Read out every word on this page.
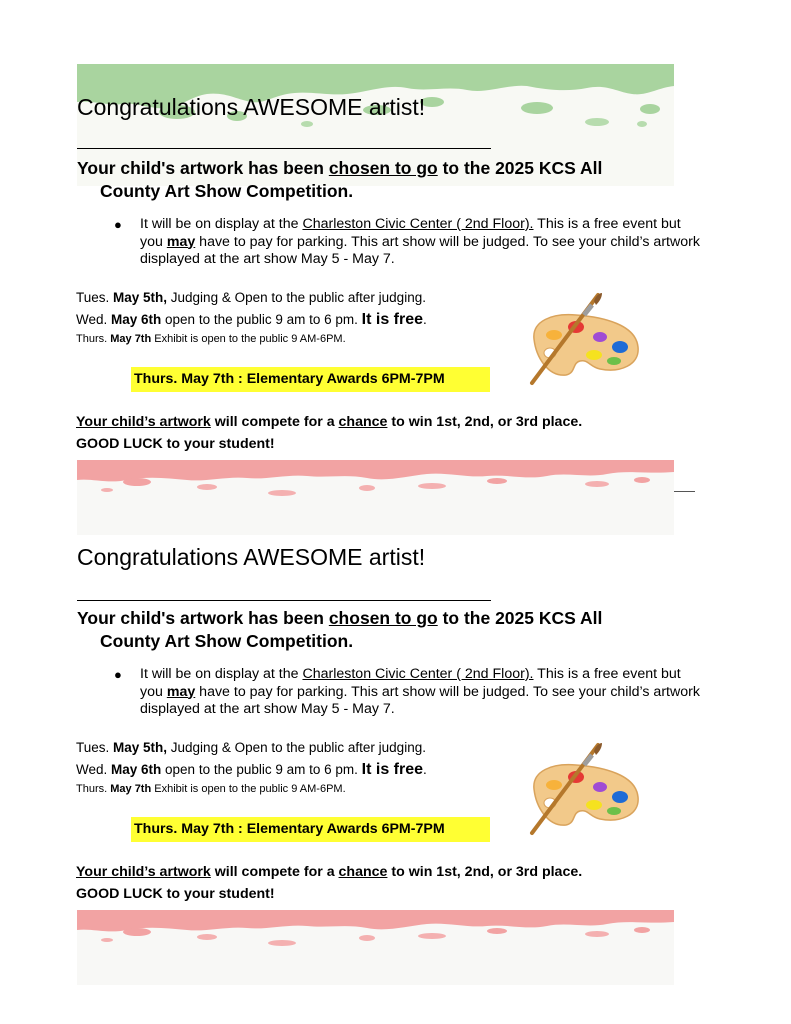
Congratulations AWESOME artist!

Your child's artwork has been chosen to go to the 2025 KCS All
County Art Show Competition.

● It will be on display at the Charleston Civic Center ( 2nd Floor). This is a free event but you may have to pay for parking. This art show will be judged. To see your child’s artwork displayed at the art show May 5 - May 7.
Tues. May 5th, Judging & Open to the public after judging.
Wed. May 6th open to the public 9 am to 6 pm. It is free.
Thurs. May 7th Exhibit is open to the public 9 AM-6PM.
Thurs. May 7th : Elementary Awards 6PM-7PM
Your child’s artwork will compete for a chance to win 1st, 2nd, or 3rd place.
GOOD LUCK to your student!
Congratulations AWESOME artist!

Your child's artwork has been chosen to go to the 2025 KCS All
County Art Show Competition.

● It will be on display at the Charleston Civic Center ( 2nd Floor). This is a free event but you may have to pay for parking. This art show will be judged. To see your child’s artwork displayed at the art show May 5 - May 7.
Tues. May 5th, Judging & Open to the public after judging.
Wed. May 6th open to the public 9 am to 6 pm. It is free.
Thurs. May 7th Exhibit is open to the public 9 AM-6PM.
Thurs. May 7th : Elementary Awards 6PM-7PM
Your child’s artwork will compete for a chance to win 1st, 2nd, or 3rd place.
GOOD LUCK to your student!
